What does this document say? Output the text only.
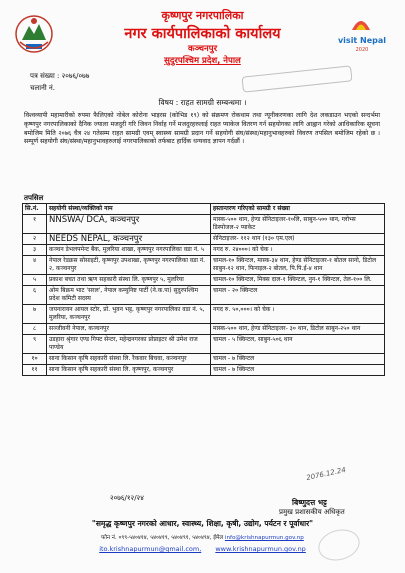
कृष्णपुर नगरपालिका
नगर कार्यपालिकाको कार्यालय
कञ्चनपुर
सुदुरपश्चिम प्रदेश, नेपाल
visit Nepal
2020
पत्र संख्या : २०७६/०७७
चलानी नं.
विषय : राहत सामग्री सम्बन्धमा ।
विश्वव्यापी महामारीको रुपमा फैलिएको नोबेल कोरोना भाइरस (कोभिड १९) को संक्रमण रोकथाम तथा न्यूनीकरणका लागि देश लकडाउन भएको सन्दर्भमा कृष्णपुर नगरपालिकाको दैनिक ज्याला मजदुरी गरि जिवन निर्वाह गर्ने मजदुरहरुलाई राहत प्याकेज वितरण गर्न सहयोगका लागि आह्वान गरेको आधिकारिक सूचना बमोजिम मिति २०७६ चैत्र २४ गतेसम्म राहत सामग्री एवम् स्वास्थ्य सामग्री प्रदान गर्ने सहयोगी संघ/संस्था/महानुभावहरुको विवरण तपसिल बमोजिम रहेको छ । सम्पूर्ण सहयोगी संघ/संस्था/महानुभावहरुलाई नगरपालिकाको तर्फबाट हार्दिक धन्यवाद ज्ञापन गर्दछौं ।
तपसिल
सि.नं.	सहयोगी संस्था/व्यक्तिको नाम	हस्तान्तरण गरिएको सामग्री र संख्या
१	NNSWA/ DCA, कञ्चनपुर	मास्क-५०० थान, हेण्ड सेनिटाइजर-१०लि, साबुन-५०० थान, ग्लोभ्स डिस्पोजल-२ प्याकेट
२	NEEDS NEPAL, कञ्चनपुर	सेनिटाइजर- ११२ थान (१३० एम.एल)
३	कञ्चन डेभलपमेन्ट बैंक, मुलरिया शाखा, कृष्णपुर नगरपालिका वडा नं. ५	नगद रु. २४०००। को चेक ।
४	नेपाल रेडक्रस सोसाइटी, कृष्णपुर उपशाखा, कृष्णपुर नगरपालिका वडा नं. २, कञ्चनपुर	चामल-१० क्विन्टल, मास्क-३४ थान, हेण्ड सेनिटाइजर-१ बोतल सानो, डिटोल साबुन-१२ थान, फिनाइल-२ बोतल, पि.पि.ई-४ थान
५	प्रकाश बचत तथा ऋण सहकारी संस्था लि. कृष्णपुर ५, मुलरिया	चामल-१० क्विन्टल, मिक्स दाल-१ क्विन्टल, नुन-१ क्विन्टल, तेल-१०० लि.
६	ओम बिक्रम भाट 'सरल', नेपाल कम्युनिष्ट पार्टी (ने.क.पा) सुदुरपश्चिम प्रदेश कमिटी सदस्य	चामल - २० क्विन्टल
७	जयनारायन आयल स्टोर, प्रो. भुवन भट्ट, कृष्णपुर नगरपालिका वडा नं. ५, मुलरिया, कञ्चनपुर	नगद रु. ५०,०००। को चेक ।
८	सञ्जीवनी नेपाल, कञ्चनपुर	मास्क-५०० थान, हेण्ड सेनिटाइजर- ३० थान, डिटोल साबुन-२५० थान
९	उडहारा श्रृंगार एण्ड गिफ्ट सेन्टर, महेन्द्रनगरका प्रोप्राइटर श्री उमेश राज पाण्डेय	चामल - ५ क्विन्टल, साबुन-५०६ थान
१०	साना किसान कृषि सहकारी संस्था लि. रैकवार बिचवा, कञ्चनपुर	चामल - ७ क्विन्टल
११	साना किसान कृषि सहकारी संस्था लि. कृष्णपुर, कञ्चनपुर	चामल - ७ क्विन्टल
2076.12.24
२०७६/१२/२४	बिष्णुदत्त भट्ट
प्रमुख प्रशासकीय अधिकृत
"समृद्ध कृष्णपुर नगरको आधार, स्वास्थ्य, शिक्षा, कृषी, उद्योग, पर्यटन र पूर्वाधार"
फोन नं. ०९९-५४०४१४, ५४०४१९, ५४०४९१, ५४०४९४, ईमेल info@krishnapurmun.gov.np
ito.krishnapurmun@gmail.com, www.krishnapurmun.gov.np
